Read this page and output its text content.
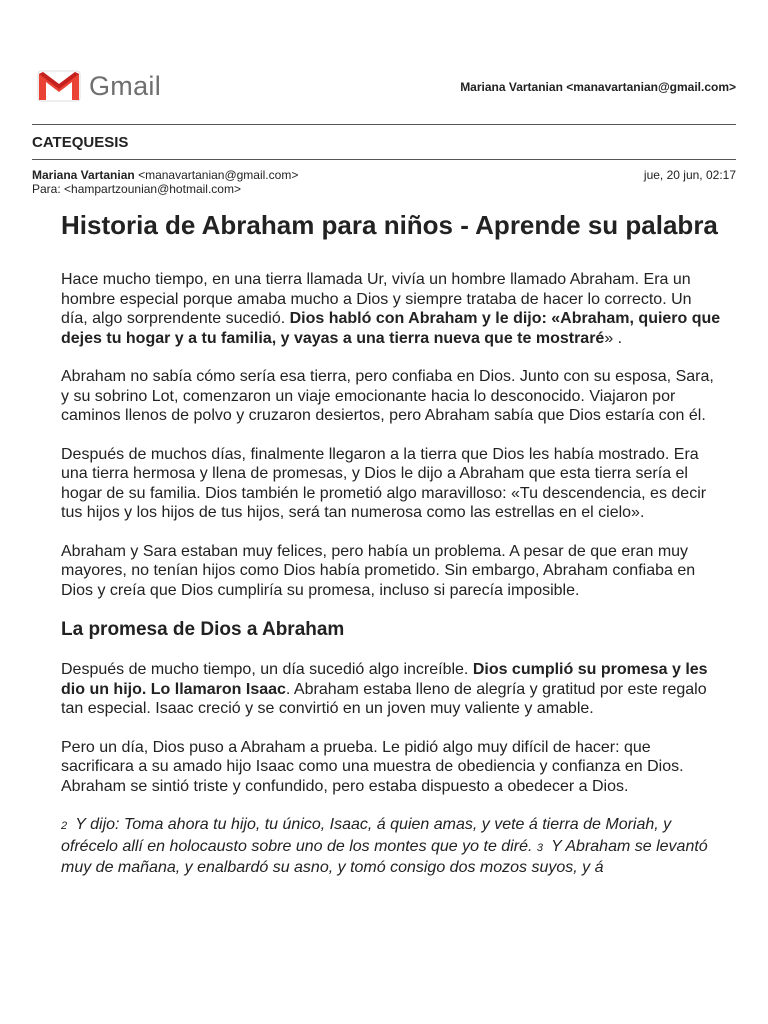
Gmail	Mariana Vartanian <manavartanian@gmail.com>
CATEQUESIS
Mariana Vartanian <manavartanian@gmail.com>	jue, 20 jun, 02:17
Para: <hampartzounian@hotmail.com>
Historia de Abraham para niños - Aprende su palabra

Hace mucho tiempo, en una tierra llamada Ur, vivía un hombre llamado Abraham. Era un hombre especial porque amaba mucho a Dios y siempre trataba de hacer lo correcto. Un día, algo sorprendente sucedió. Dios habló con Abraham y le dijo: «Abraham, quiero que dejes tu hogar y a tu familia, y vayas a una tierra nueva que te mostraré» .

Abraham no sabía cómo sería esa tierra, pero confiaba en Dios. Junto con su esposa, Sara, y su sobrino Lot, comenzaron un viaje emocionante hacia lo desconocido. Viajaron por caminos llenos de polvo y cruzaron desiertos, pero Abraham sabía que Dios estaría con él.

Después de muchos días, finalmente llegaron a la tierra que Dios les había mostrado. Era una tierra hermosa y llena de promesas, y Dios le dijo a Abraham que esta tierra sería el hogar de su familia. Dios también le prometió algo maravilloso: «Tu descendencia, es decir tus hijos y los hijos de tus hijos, será tan numerosa como las estrellas en el cielo».

Abraham y Sara estaban muy felices, pero había un problema. A pesar de que eran muy mayores, no tenían hijos como Dios había prometido. Sin embargo, Abraham confiaba en Dios y creía que Dios cumpliría su promesa, incluso si parecía imposible.

La promesa de Dios a Abraham

Después de mucho tiempo, un día sucedió algo increíble. Dios cumplió su promesa y les dio un hijo. Lo llamaron Isaac. Abraham estaba lleno de alegría y gratitud por este regalo tan especial. Isaac creció y se convirtió en un joven muy valiente y amable.

Pero un día, Dios puso a Abraham a prueba. Le pidió algo muy difícil de hacer: que sacrificara a su amado hijo Isaac como una muestra de obediencia y confianza en Dios. Abraham se sintió triste y confundido, pero estaba dispuesto a obedecer a Dios.

2 Y dijo: Toma ahora tu hijo, tu único, Isaac, á quien amas, y vete á tierra de Moriah, y ofrécelo allí en holocausto sobre uno de los montes que yo te diré. 3 Y Abraham se levantó muy de mañana, y enalbardó su asno, y tomó consigo dos mozos suyos, y á
